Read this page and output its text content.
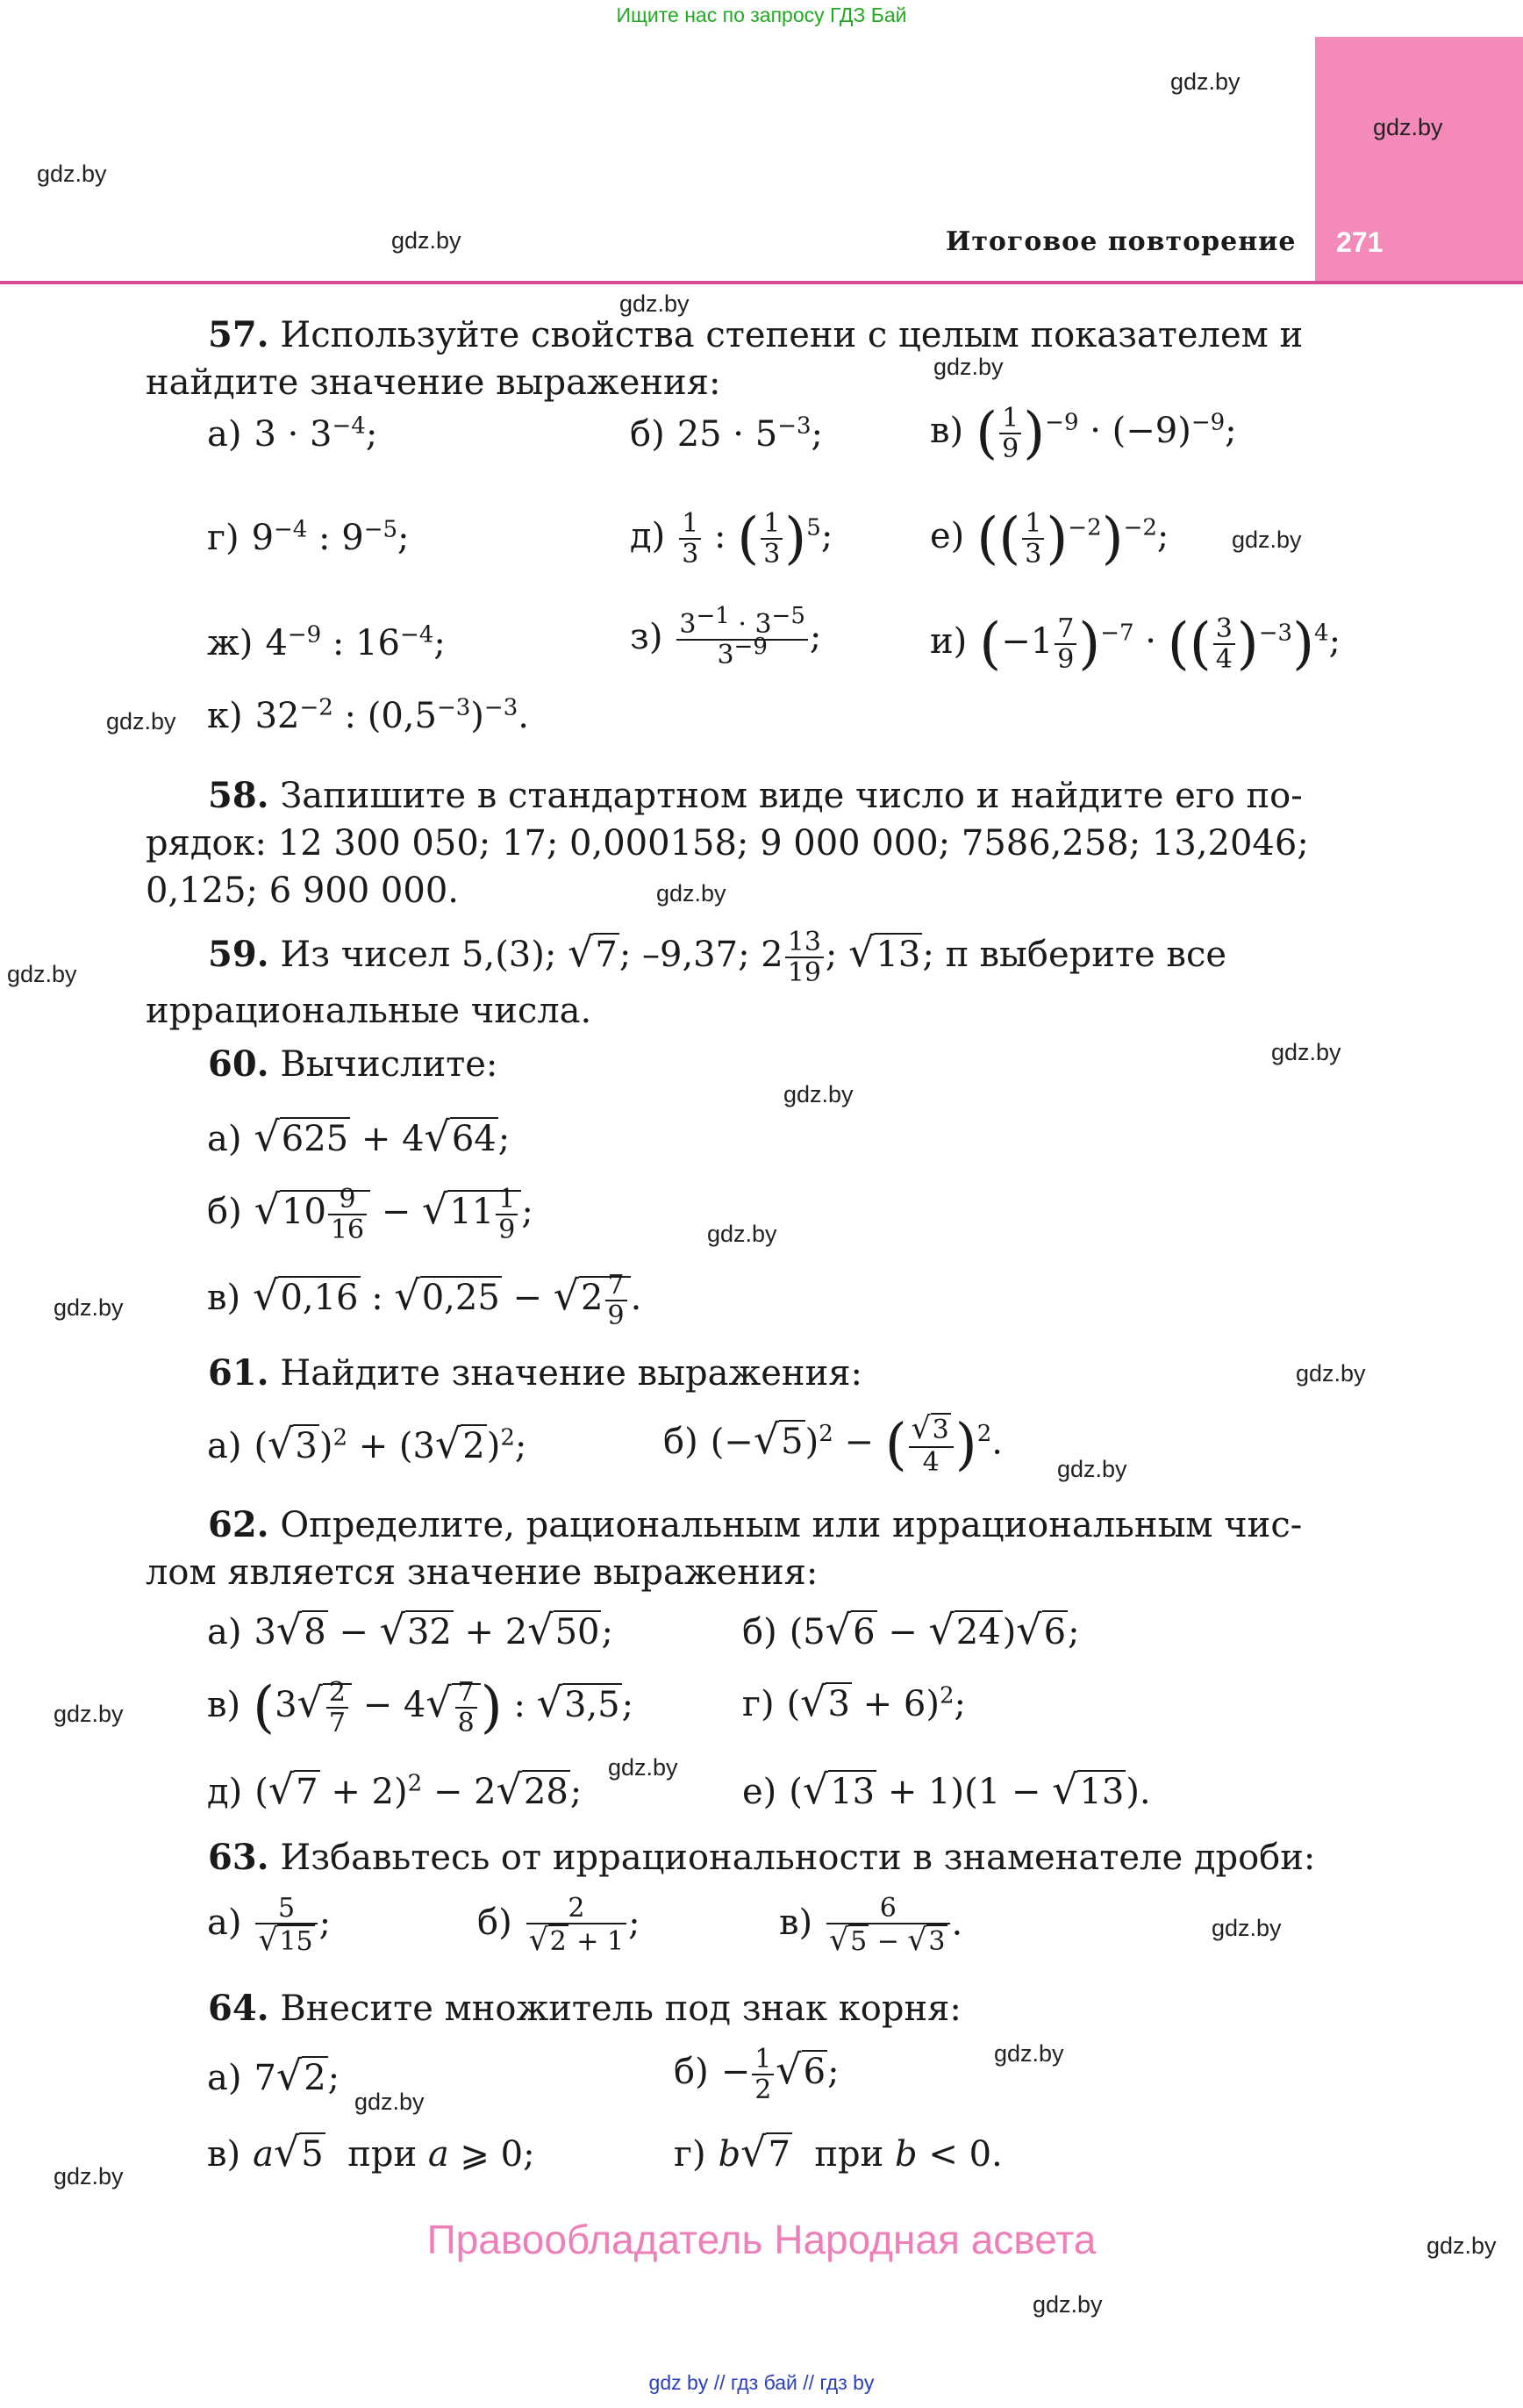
Ищите нас по запросу ГДЗ Бай
271
Итоговое повторение
gdz.by
gdz.by
gdz.by
gdz.by
gdz.by
gdz.by
gdz.by
gdz.by
gdz.by
gdz.by
gdz.by
gdz.by
gdz.by
gdz.by
gdz.by
gdz.by
gdz.by
gdz.by
gdz.by
gdz.by
gdz.by
gdz.by
gdz.by
gdz.by
57. Используйте свойства степени с целым показателем и
найдите значение выражения:
а) $3 \cdot 3^{-4}$;	б) $25 \cdot 5^{-3}$;	в) ( $\frac{1}{9} )^{-9} \cdot (-9)^{-9}$;
г) $9^{-4}$ : $9^{-5}$;	$д) \frac{1}{3}$ : ( $\frac{1}{3} )^5$;	е) (( $\frac{1}{3} )^{-2})^{-2}$;
ж) $4^{-9}$ : $16^{-4}$;	$з) \frac{3^{-1} \cdot 3^{-5}}{3^{-9}}$ ;	и) $(-1 \frac{7}{9} )^{-7}$ · (( $\frac{3}{4} )^{-3})^4$;
к) $32^{-2}$ : $(0,5^{-3})^{-3}$.
58. Запишите в стандартном виде число и найдите его по-
рядок: 12 300 050; 17; 0,000158; 9 000 000; 7586,258; 13,2046;
0,125; 6 900 000.
59. Из чисел 5,(3); √7; –9,37; $2 \frac{13}{19}$ ; √13; π выберите все
иррациональные числа.
60. Вычислите:
а) √625 + 4√64;
б) $√10 \frac{9}{16} - √11 \frac{1}{9}$ ;
в) √0,16 : $√0,25 - √2 \frac{7}{9}$ .
61. Найдите значение выражения:
а) $(√3)^2 + (3√2)^2$;	б) $(-√5)^2$ − ( $\frac{√3}{4} )^2$.
62. Определите, рациональным или иррациональным чис-
лом является значение выражения:
а) 3√8 − √32 + 2√50;	б) (5√6 − √24)√6;
в) ($3√ \frac{2}{7} - 4√ \frac{7}{8}$ ) : √3,5;	г) $(√3 + 6)^2$;
д) $(√7 + 2)^2 - 2√28$;	е) (√13 + 1)(1 − √13).
63. Избавьтесь от иррациональности в знаменателе дроби:
$а) \frac{5}{√15}$ ;	$б) \frac{2}{√2 + 1}$ ;	$в) \frac{6}{√5 - √3}$ .
64. Внесите множитель под знак корня:
а) 7√2;	$б) - \frac{1}{2} √6$;
в) a√5 при a ⩾ 0;	г) b√7 при b < 0.
Правообладатель Народная асвета
gdz by // гдз бай // гдз by
